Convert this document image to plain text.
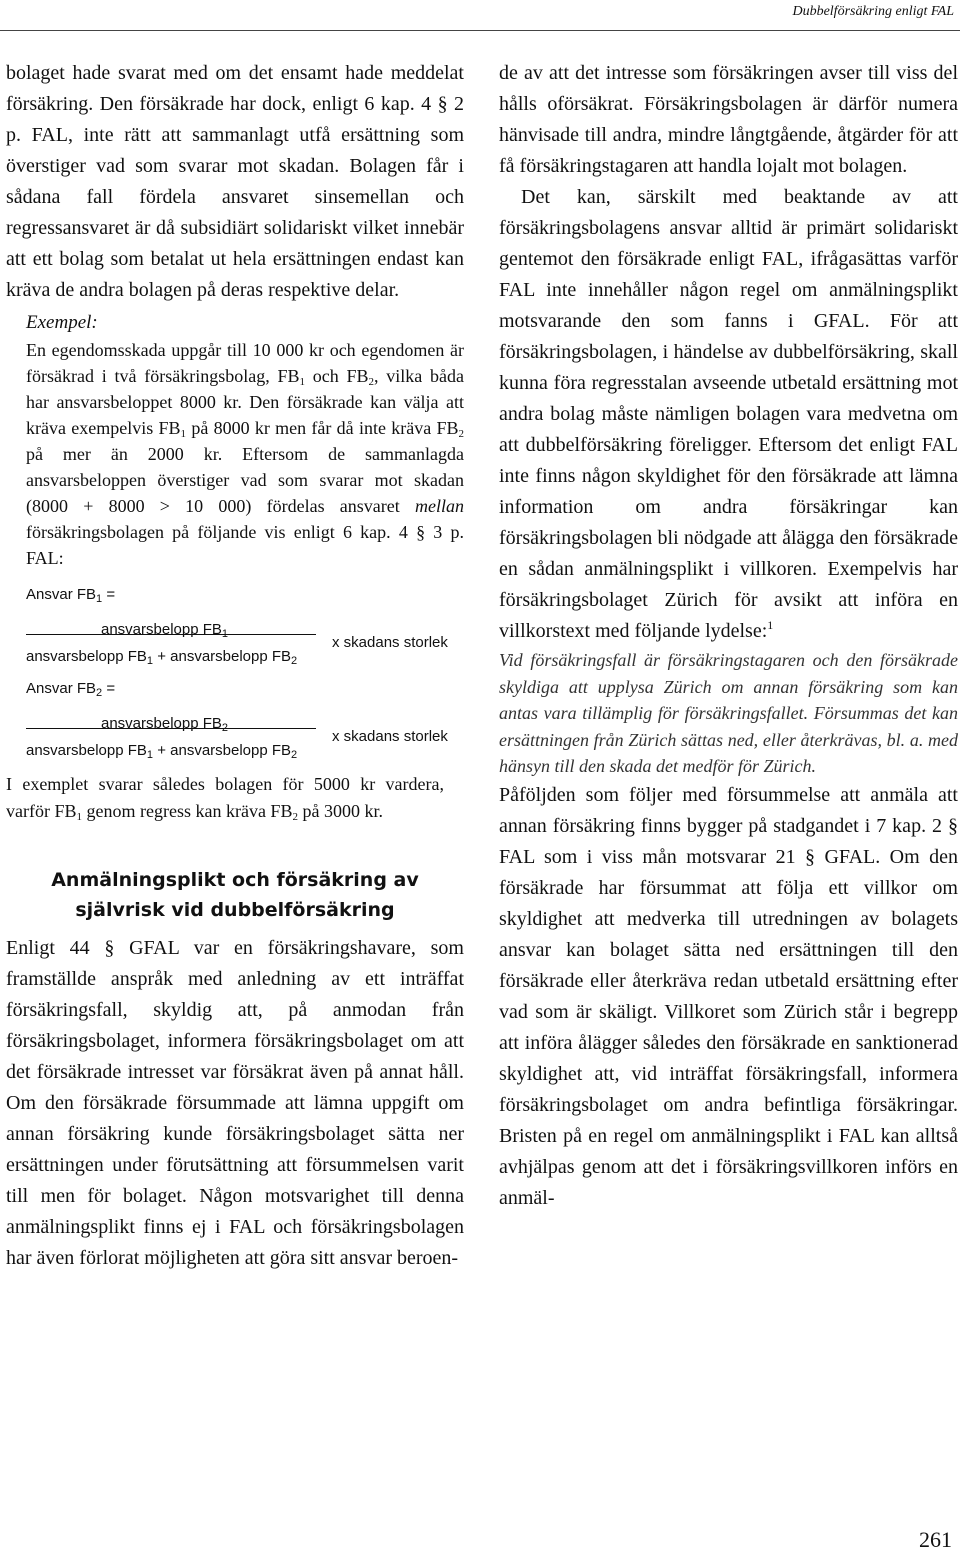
Dubbelförsäkring enligt FAL

bolaget hade svarat med om det ensamt hade meddelat försäkring. Den försäkrade har dock, enligt 6 kap. 4 § 2 p. FAL, inte rätt att sammanlagt utfå ersättning som överstiger vad som svarar mot skadan. Bolagen får i sådana fall fördela ansvaret sinsemellan och regressansvaret är då subsidiärt solidariskt vilket innebär att ett bolag som betalat ut hela ersättningen endast kan kräva de andra bolagen på deras respektive delar.

Exempel:

En egendomsskada uppgår till 10 000 kr och egendomen är försäkrad i två försäkringsbolag, $FB_1$ och $FB_2$, vilka båda har ansvarsbeloppet 8000 kr. Den försäkrade kan välja att kräva exempelvis $FB_1$ på 8000 kr men får då inte kräva $FB_2$ på mer än 2000 kr. Eftersom de sammanlagda ansvarsbeloppen överstiger vad som svarar mot skadan (8000 + 8000 > 10 000) fördelas ansvaret mellan försäkringsbolagen på följande vis enligt 6 kap. 4 § 3 p. FAL:

Ansvar $FB_1$ =
ansvarsbelopp $FB_1$
ansvarsbelopp $FB_1$ + ansvarsbelopp $FB_2$
x skadans storlek
Ansvar $FB_2$ =
ansvarsbelopp $FB_2$
ansvarsbelopp $FB_1$ + ansvarsbelopp $FB_2$
x skadans storlek

I exemplet svarar således bolagen för 5000 kr vardera, varför $FB_1$ genom regress kan kräva $FB_2$ på 3000 kr.

Anmälningsplikt och försäkring av
självrisk vid dubbelförsäkring

Enligt 44 § GFAL var en försäkringshavare, som framställde anspråk med anledning av ett inträffat försäkringsfall, skyldig att, på anmodan från försäkringsbolaget, informera försäkringsbolaget om att det försäkrade intresset var försäkrat även på annat håll. Om den försäkrade försummade att lämna uppgift om annan försäkring kunde försäkringsbolaget sätta ner ersättningen under förutsättning att försummelsen varit till men för bolaget. Någon motsvarighet till denna anmälningsplikt finns ej i FAL och försäkringsbolagen har även förlorat möjligheten att göra sitt ansvar beroen-

de av att det intresse som försäkringen avser till viss del hålls oförsäkrat. Försäkringsbolagen är därför numera hänvisade till andra, mindre långtgående, åtgärder för att få försäkringstagaren att handla lojalt mot bolagen.

Det kan, särskilt med beaktande av att försäkringsbolagens ansvar alltid är primärt solidariskt gentemot den försäkrade enligt FAL, ifrågasättas varför FAL inte innehåller någon regel om anmälningsplikt motsvarande den som fanns i GFAL. För att försäkringsbolagen, i händelse av dubbelförsäkring, skall kunna föra regresstalan avseende utbetald ersättning mot andra bolag måste nämligen bolagen vara medvetna om att dubbelförsäkring föreligger. Eftersom det enligt FAL inte finns någon skyldighet för den försäkrade att lämna information om andra försäkringar kan försäkringsbolagen bli nödgade att ålägga den försäkrade en sådan anmälningsplikt i villkoren. Exempelvis har försäkringsbolaget Zürich för avsikt att införa en villkorstext med följande lydelse:$^1$

Vid försäkringsfall är försäkringstagaren och den försäkrade skyldiga att upplysa Zürich om annan försäkring som kan antas vara tillämplig för försäkringsfallet. Försummas det kan ersättningen från Zürich sättas ned, eller återkrävas, bl. a. med hänsyn till den skada det medför för Zürich.

Påföljden som följer med försummelse att anmäla att annan försäkring finns bygger på stadgandet i 7 kap. 2 § FAL som i viss mån motsvarar 21 § GFAL. Om den försäkrade har försummat att följa ett villkor om skyldighet att medverka till utredningen av bolagets ansvar kan bolaget sätta ned ersättningen till den försäkrade eller återkräva redan utbetald ersättning efter vad som är skäligt. Villkoret som Zürich står i begrepp att införa ålägger således den försäkrade en sanktionerad skyldighet att, vid inträffat försäkringsfall, informera försäkringsbolaget om andra befintliga försäkringar. Bristen på en regel om anmälningsplikt i FAL kan alltså avhjälpas genom att det i försäkringsvillkoren införs en anmäl-

261
